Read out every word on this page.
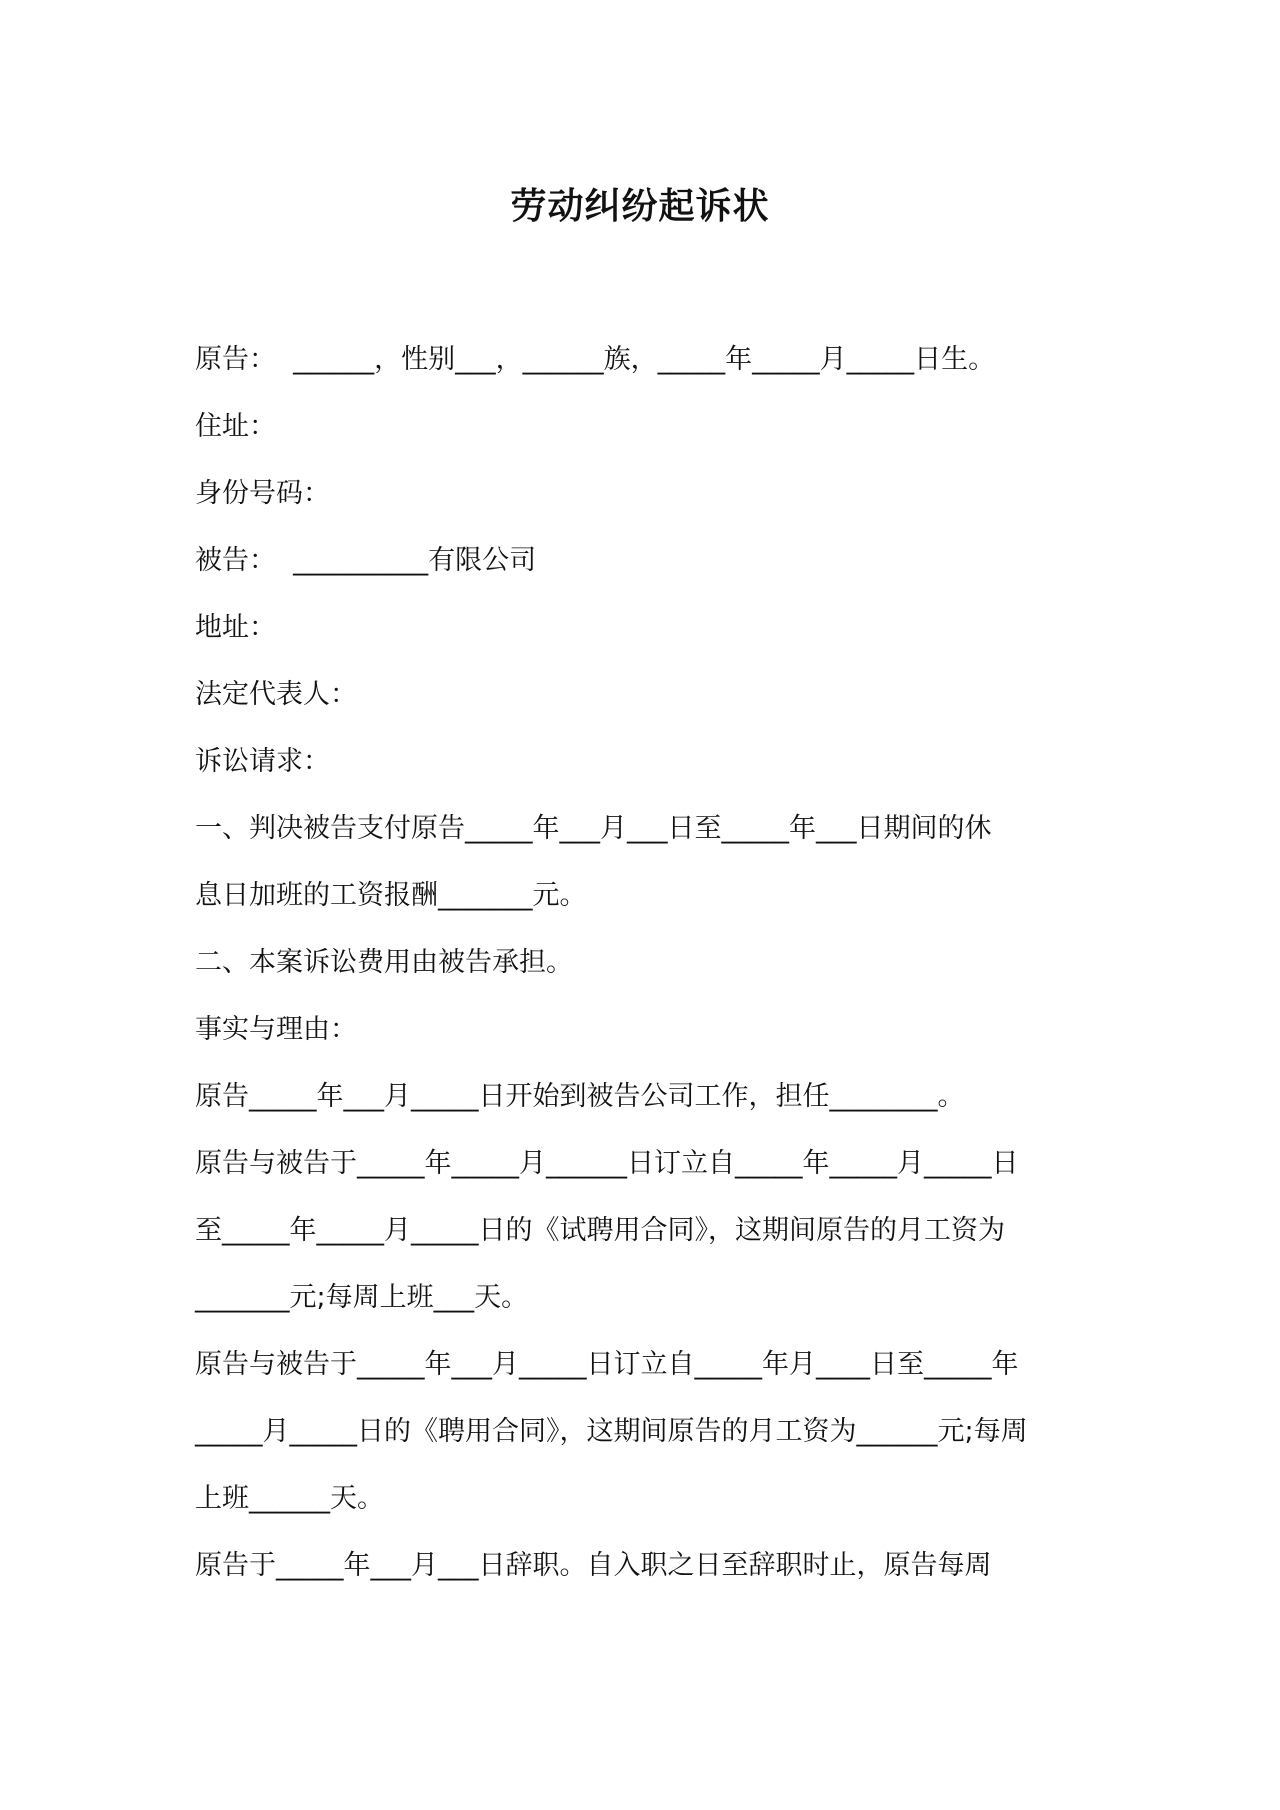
劳动纠纷起诉状

原告：  ______，性别___，______族，_____年_____月_____日生。

住址：

身份号码：

被告：  __________有限公司

地址：

法定代表人：

诉讼请求：

一、判决被告支付原告_____年___月___日至_____年___日期间的休

息日加班的工资报酬_______元。

二、本案诉讼费用由被告承担。

事实与理由：

原告_____年___月_____日开始到被告公司工作，担任________。

原告与被告于_____年_____月______日订立自_____年_____月_____日

至_____年_____月_____日的《试聘用合同》，这期间原告的月工资为

_______元;每周上班___天。

原告与被告于_____年___月_____日订立自_____年月____日至_____年

_____月_____日的《聘用合同》，这期间原告的月工资为______元;每周

上班______天。

原告于_____年___月___日辞职。自入职之日至辞职时止，原告每周
